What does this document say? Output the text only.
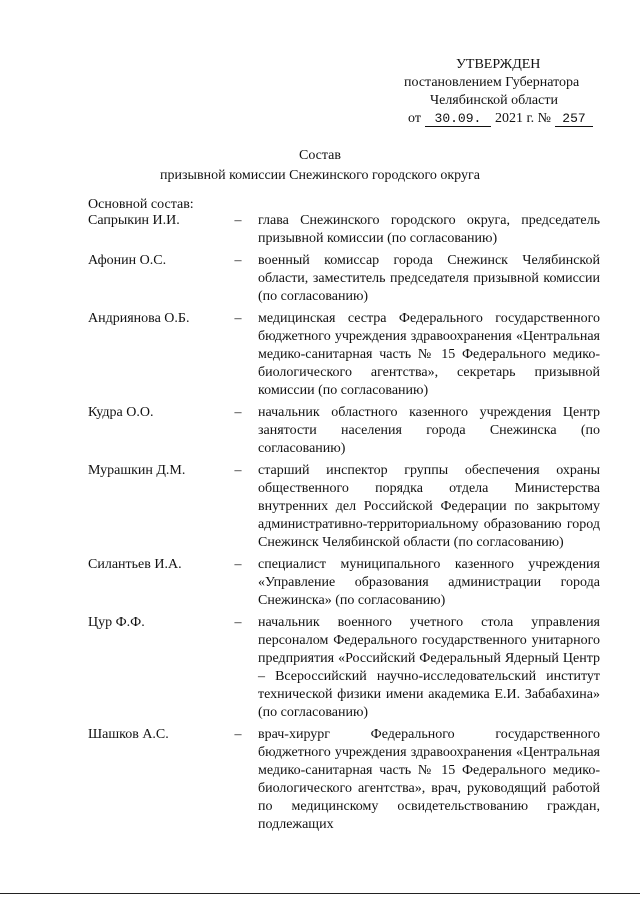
УТВЕРЖДЕН
постановлением Губернатора
Челябинской области
от 30.09. 2021 г. № 257
Состав
призывной комиссии Снежинского городского округа
Основной состав:
Сапрыкин И.И.	– глава Снежинского городского округа, председатель призывной комиссии (по согласованию)
Афонин О.С.	– военный комиссар города Снежинск Челябинской области, заместитель председателя призывной комиссии (по согласованию)
Андриянова О.Б.	– медицинская сестра Федерального государственного бюджетного учреждения здравоохранения «Центральная медико-санитарная часть № 15 Федерального медико-биологического агентства», секретарь призывной комиссии (по согласованию)
Кудра О.О.	– начальник областного казенного учреждения Центр занятости населения города Снежинска (по согласованию)
Мурашкин Д.М.	– старший инспектор группы обеспечения охраны общественного порядка отдела Министерства внутренних дел Российской Федерации по закрытому административно-территориальному образованию город Снежинск Челябинской области (по согласованию)
Силантьев И.А.	– специалист муниципального казенного учреждения «Управление образования администрации города Снежинска» (по согласованию)
Цур Ф.Ф.	– начальник военного учетного стола управления персоналом Федерального государственного унитарного предприятия «Российский Федеральный Ядерный Центр – Всероссийский научно-исследовательский институт технической физики имени академика Е.И. Забабахина» (по согласованию)
Шашков А.С.	– врач-хирург Федерального государственного бюджетного учреждения здравоохранения «Центральная медико-санитарная часть № 15 Федерального медико-биологического агентства», врач, руководящий работой по медицинскому освидетельствованию граждан, подлежащих
